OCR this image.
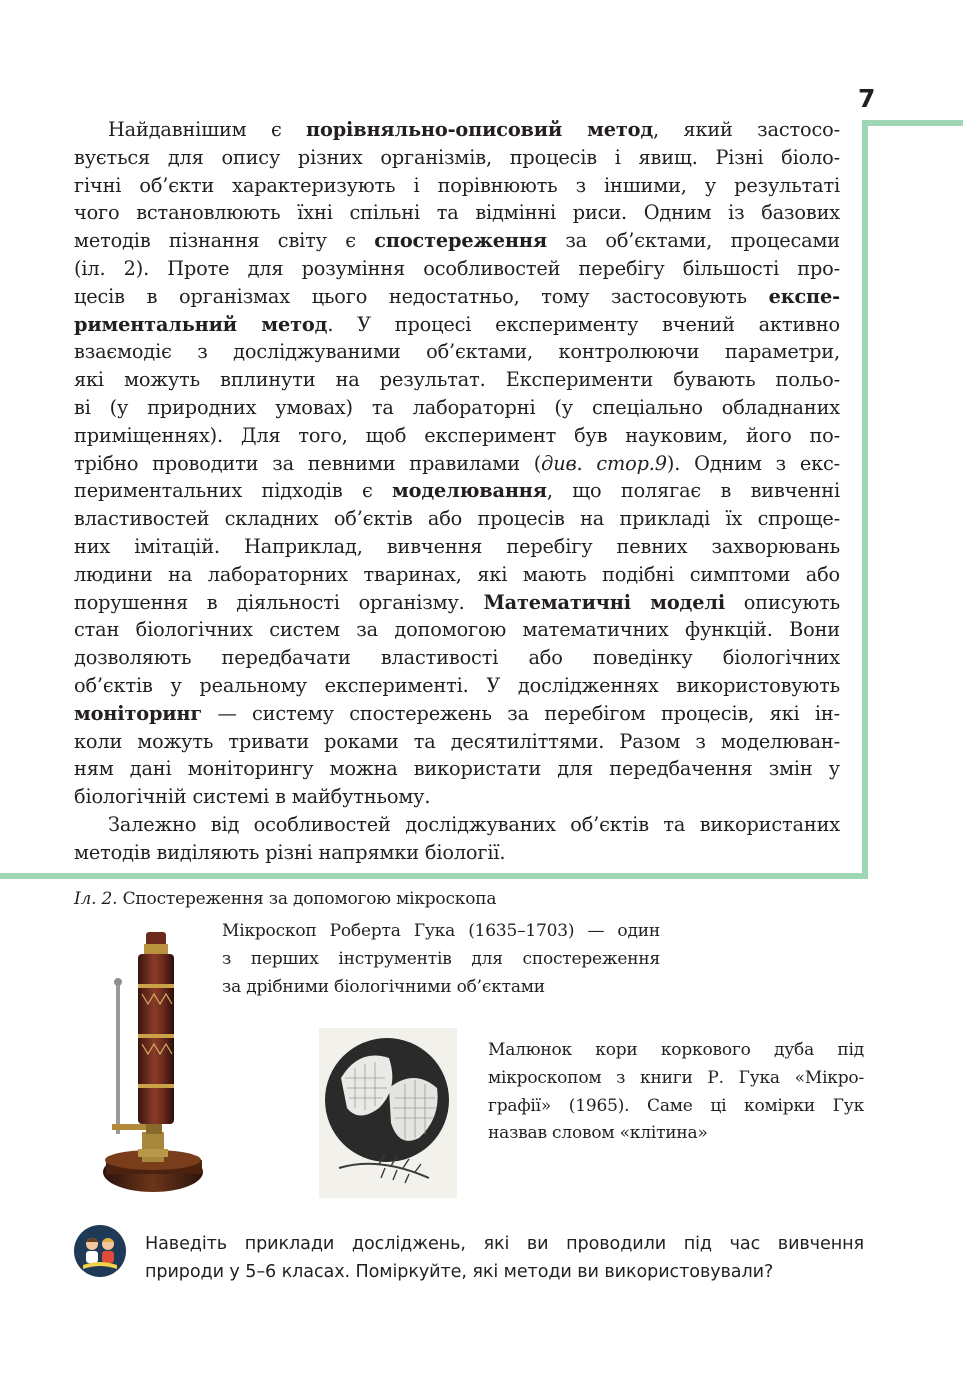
7
Найдавнішим є порівняльно-описовий метод, який застосо-
вується для опису різних організмів, процесів і явищ. Різні біоло-
гічні об’єкти характеризують і порівнюють з іншими, у результаті
чого встановлюють їхні спільні та відмінні риси. Одним із базових
методів пізнання світу є спостереження за об’єктами, процесами
(іл. 2). Проте для розуміння особливостей перебігу більшості про-
цесів в організмах цього недостатньо, тому застосовують експе-
риментальний метод. У процесі експерименту вчений активно
взаємодіє з досліджуваними об’єктами, контролюючи параметри,
які можуть вплинути на результат. Експерименти бувають польо-
ві (у природних умовах) та лабораторні (у спеціально обладнаних
приміщеннях). Для того, щоб експеримент був науковим, його по-
трібно проводити за певними правилами (див. стор.9). Одним з екс-
периментальних підходів є моделювання, що полягає в вивченні
властивостей складних об’єктів або процесів на прикладі їх спроще-
них імітацій. Наприклад, вивчення перебігу певних захворювань
людини на лабораторних тваринах, які мають подібні симптоми або
порушення в діяльності організму. Математичні моделі описують
стан біологічних систем за допомогою математичних функцій. Вони
дозволяють передбачати властивості або поведінку біологічних
об’єктів у реальному експерименті. У дослідженнях використовують
моніторинг — систему спостережень за перебігом процесів, які ін-
коли можуть тривати роками та десятиліттями. Разом з моделюван-
ням дані моніторингу можна використати для передбачення змін у
біологічній системі в майбутньому.
Залежно від особливостей досліджуваних об’єктів та використаних
методів виділяють різні напрямки біології.
Іл. 2. Спостереження за допомогою мікроскопа
Мікроскоп Роберта Гука (1635–1703) — один
з перших інструментів для спостереження
за дрібними біологічними об’єктами
Малюнок кори коркового дуба під
мікроскопом з книги Р. Гука «Мікро-
графії» (1965). Саме ці комірки Гук
назвав словом «клітина»
Наведіть приклади досліджень, які ви проводили під час вивчення
природи у 5–6 класах. Поміркуйте, які методи ви використовували?
